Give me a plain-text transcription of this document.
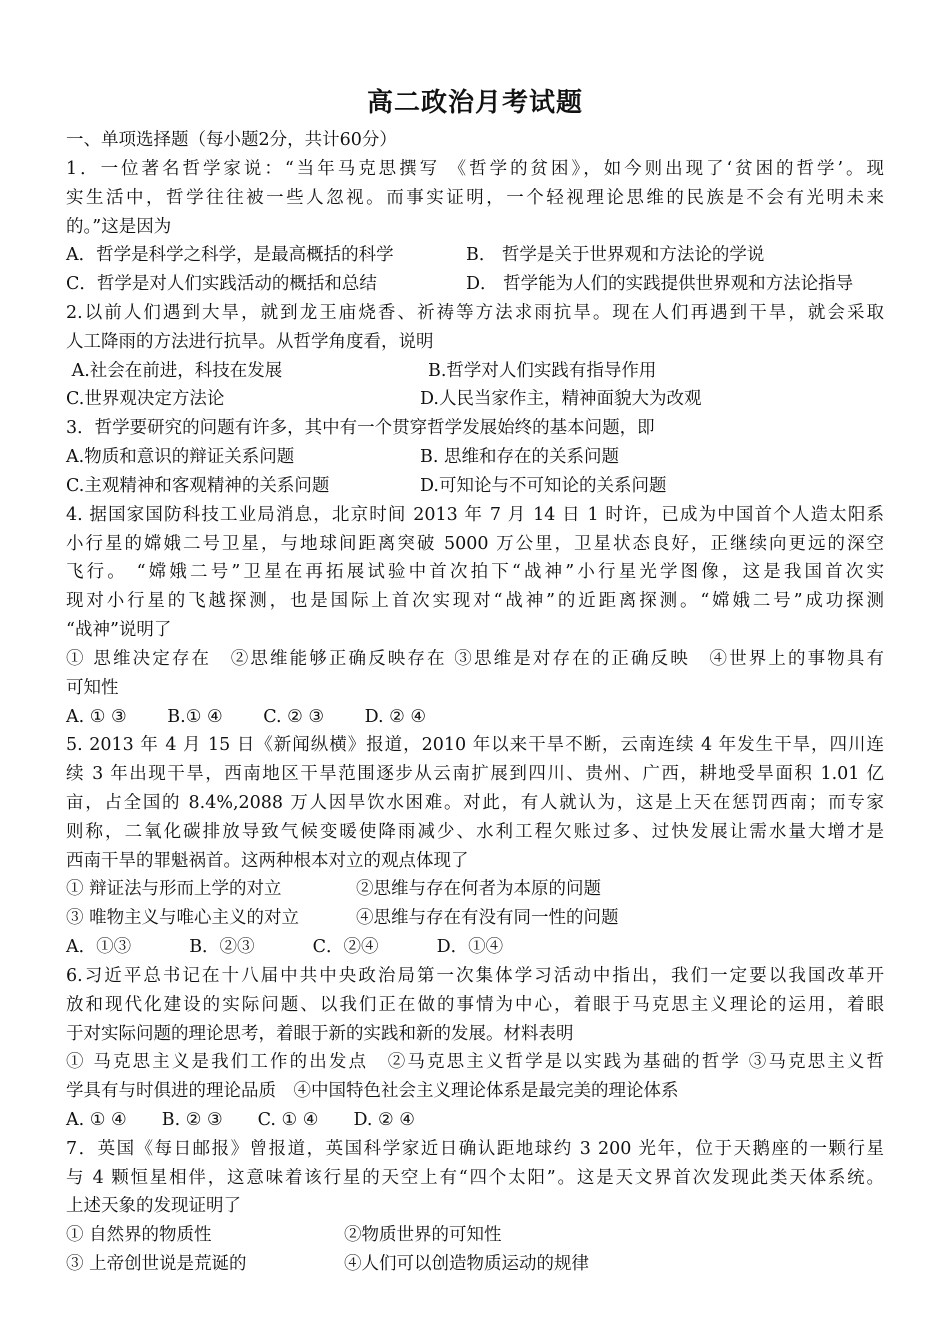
高二政治月考试题
一、单项选择题（每小题2分，共计60分）
1．一位著名哲学家说：“当年马克思撰写 《哲学的贫困》，如今则出现了‘贫困的哲学’。现
实生活中，哲学往往被一些人忽视。而事实证明，一个轻视理论思维的民族是不会有光明未来
的。”这是因为
A．哲学是科学之科学，是最高概括的科学	B． 哲学是关于世界观和方法论的学说
C．哲学是对人们实践活动的概括和总结	D． 哲学能为人们的实践提供世界观和方法论指导
2.以前人们遇到大旱，就到龙王庙烧香、祈祷等方法求雨抗旱。现在人们再遇到干旱，就会采取
人工降雨的方法进行抗旱。从哲学角度看，说明
A.社会在前进，科技在发展	B.哲学对人们实践有指导作用
C.世界观决定方法论	D.人民当家作主，精神面貌大为改观
3．哲学要研究的问题有许多，其中有一个贯穿哲学发展始终的基本问题，即
A.物质和意识的辩证关系问题	B. 思维和存在的关系问题
C.主观精神和客观精神的关系问题	D.可知论与不可知论的关系问题
4. 据国家国防科技工业局消息，北京时间 2013 年 7 月 14 日 1 时许，已成为中国首个人造太阳系
小行星的嫦娥二号卫星，与地球间距离突破 5000 万公里，卫星状态良好，正继续向更远的深空
飞行。 “嫦娥二号”卫星在再拓展试验中首次拍下“战神”小行星光学图像，这是我国首次实
现对小行星的飞越探测，也是国际上首次实现对“战神”的近距离探测。“嫦娥二号”成功探测
“战神”说明了
① 思维决定存在　②思维能够正确反映存在 ③思维是对存在的正确反映　④世界上的事物具有
可知性
A. ① ③　　 B.① ④　　 C. ② ③　　 D. ② ④
5. 2013 年 4 月 15 日《新闻纵横》报道，2010 年以来干旱不断，云南连续 4 年发生干旱，四川连
续 3 年出现干旱，西南地区干旱范围逐步从云南扩展到四川、贵州、广西，耕地受旱面积 1.01 亿
亩，占全国的 8.4%,2088 万人因旱饮水困难。对此，有人就认为，这是上天在惩罚西南；而专家
则称，二氧化碳排放导致气候变暖使降雨减少、水利工程欠账过多、过快发展让需水量大增才是
西南干旱的罪魁祸首。这两种根本对立的观点体现了
① 辩证法与形而上学的对立	②思维与存在何者为本原的问题
③ 唯物主义与唯心主义的对立	④思维与存在有没有同一性的问题
A．①③　　　 B．②③　　　 C．②④　　　 D．①④
6.习近平总书记在十八届中共中央政治局第一次集体学习活动中指出，我们一定要以我国改革开
放和现代化建设的实际问题、以我们正在做的事情为中心，着眼于马克思主义理论的运用，着眼
于对实际问题的理论思考，着眼于新的实践和新的发展。材料表明
① 马克思主义是我们工作的出发点　②马克思主义哲学是以实践为基础的哲学 ③马克思主义哲
学具有与时俱进的理论品质　④中国特色社会主义理论体系是最完美的理论体系
A. ① ④　　B. ② ③　　C. ① ④　　D. ② ④
7．英国《每日邮报》曾报道，英国科学家近日确认距地球约 3 200 光年，位于天鹅座的一颗行星
与 4 颗恒星相伴，这意味着该行星的天空上有“四个太阳”。这是天文界首次发现此类天体系统。
上述天象的发现证明了
① 自然界的物质性	②物质世界的可知性
③ 上帝创世说是荒诞的	④人们可以创造物质运动的规律
